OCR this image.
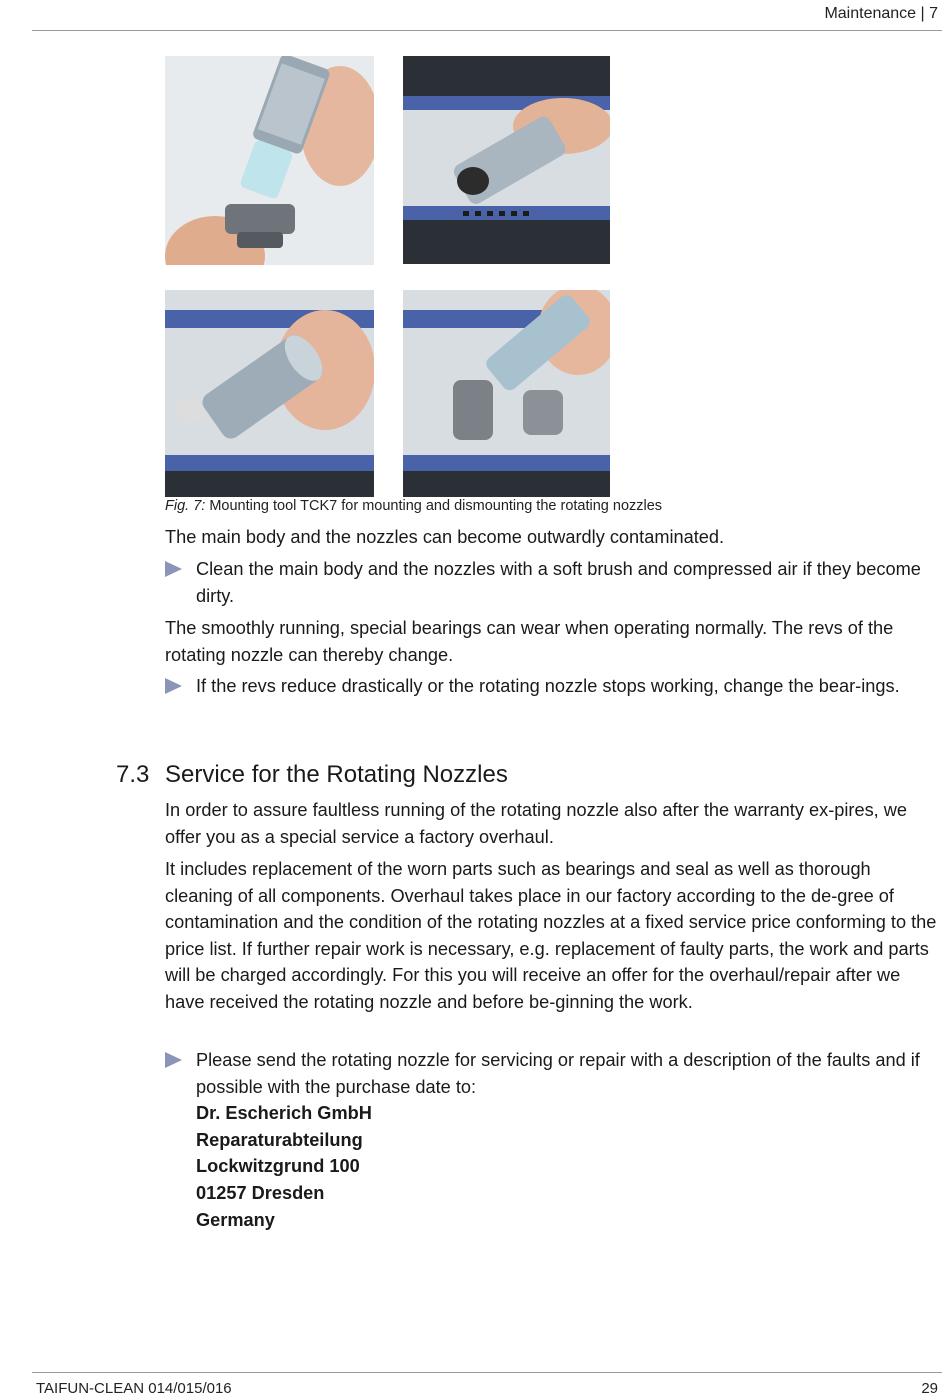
Maintenance | 7
Fig. 7: Mounting tool TCK7 for mounting and dismounting the rotating nozzles
The main body and the nozzles can become outwardly contaminated.
Clean the main body and the nozzles with a soft brush and compressed air if they become dirty.
The smoothly running, special bearings can wear when operating normally. The revs of the rotating nozzle can thereby change.
If the revs reduce drastically or the rotating nozzle stops working, change the bear-ings.
7.3 Service for the Rotating Nozzles
In order to assure faultless running of the rotating nozzle also after the warranty ex-pires, we offer you as a special service a factory overhaul.
It includes replacement of the worn parts such as bearings and seal as well as thorough cleaning of all components. Overhaul takes place in our factory according to the de-gree of contamination and the condition of the rotating nozzles at a fixed service price conforming to the price list. If further repair work is necessary, e.g. replacement of faulty parts, the work and parts will be charged accordingly. For this you will receive an offer for the overhaul/repair after we have received the rotating nozzle and before be-ginning the work.
Please send the rotating nozzle for servicing or repair with a description of the faults and if possible with the purchase date to:
Dr. Escherich GmbH
Reparaturabteilung
Lockwitzgrund 100
01257 Dresden
Germany
TAIFUN-CLEAN 014/015/016	29
